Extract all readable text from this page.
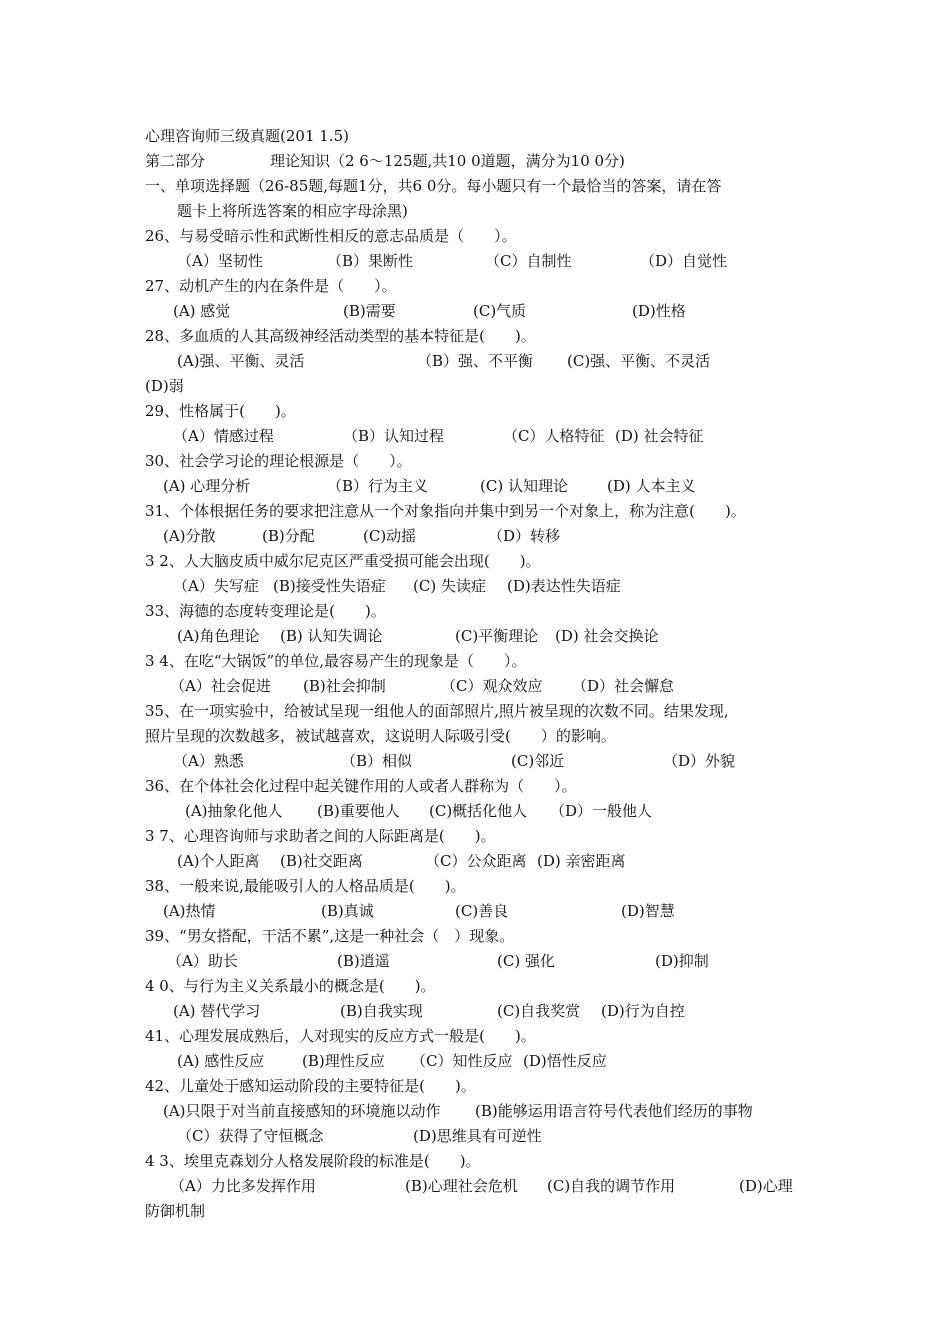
心理咨询师三级真题(201 1.5)
第二部分	理论知识（2 6～125题,共10 0道题，满分为10 0分)
一、单项选择题（26-85题,每题1分，共6 0分。每小题只有一个最恰当的答案，请在答
题卡上将所选答案的相应字母涂黑)
26、与易受暗示性和武断性相反的意志品质是（　　）。
（A）坚韧性	（B）果断性	（C）自制性	（D）自觉性
27、动机产生的内在条件是（　　）。
(A) 感觉	(B)需要	(C)气质	(D)性格
28、多血质的人其高级神经活动类型的基本特征是(　　)。
(A)强、平衡、灵活	（B）强、不平衡 (C)强、平衡、不灵活
(D)弱
29、性格属于(　　)。
（A）情感过程	（B）认知过程	（C）人格特征 (D) 社会特征
30、社会学习论的理论根源是（　　）。
(A) 心理分析	（B）行为主义	(C) 认知理论	(D) 人本主义
31、个体根据任务的要求把注意从一个对象指向并集中到另一个对象上，称为注意(　　)。
(A)分散	(B)分配	(C)动摇	（D）转移
3 2、人大脑皮质中威尔尼克区严重受损可能会出现(　　)。
（A）失写症 (B)接受性失语症 (C) 失读症 (D)表达性失语症
33、海德的态度转变理论是(　　)。
(A)角色理论 (B) 认知失调论	(C)平衡理论 (D) 社会交换论
3 4、在吃“大锅饭”的单位,最容易产生的现象是（　　）。
（A）社会促进 (B)社会抑制	（C）观众效应 （D）社会懈怠
35、在一项实验中，给被试呈现一组他人的面部照片,照片被呈现的次数不同。结果发现,
照片呈现的次数越多，被试越喜欢，这说明人际吸引受(　　）的影响。
（A）熟悉	（B）相似	(C)邻近	（D）外貌
36、在个体社会化过程中起关键作用的人或者人群称为（　　）。
(A)抽象化他人 (B)重要他人 (C)概括化他人 （D）一般他人
3 7、心理咨询师与求助者之间的人际距离是(　　)。
(A)个人距离 (B)社交距离	（C）公众距离 (D) 亲密距离
38、一般来说,最能吸引人的人格品质是(　　)。
(A)热情	(B)真诚	(C)善良	(D)智慧
39、“男女搭配，干活不累”,这是一种社会（　）现象。
（A）助长	(B)逍遥	(C) 强化	(D)抑制
4 0、与行为主义关系最小的概念是(　　)。
(A) 替代学习	(B)自我实现	(C)自我奖赏 (D)行为自控
41、心理发展成熟后，人对现实的反应方式一般是(　　)。
(A) 感性反应	(B)理性反应 （C）知性反应 (D)悟性反应
42、儿童处于感知运动阶段的主要特征是(　　)。
(A)只限于对当前直接感知的环境施以动作 (B)能够运用语言符号代表他们经历的事物
（C）获得了守恒概念	(D)思维具有可逆性
4 3、埃里克森划分人格发展阶段的标准是(　　)。
（A）力比多发挥作用	(B)心理社会危机 (C)自我的调节作用	(D)心理
防御机制
